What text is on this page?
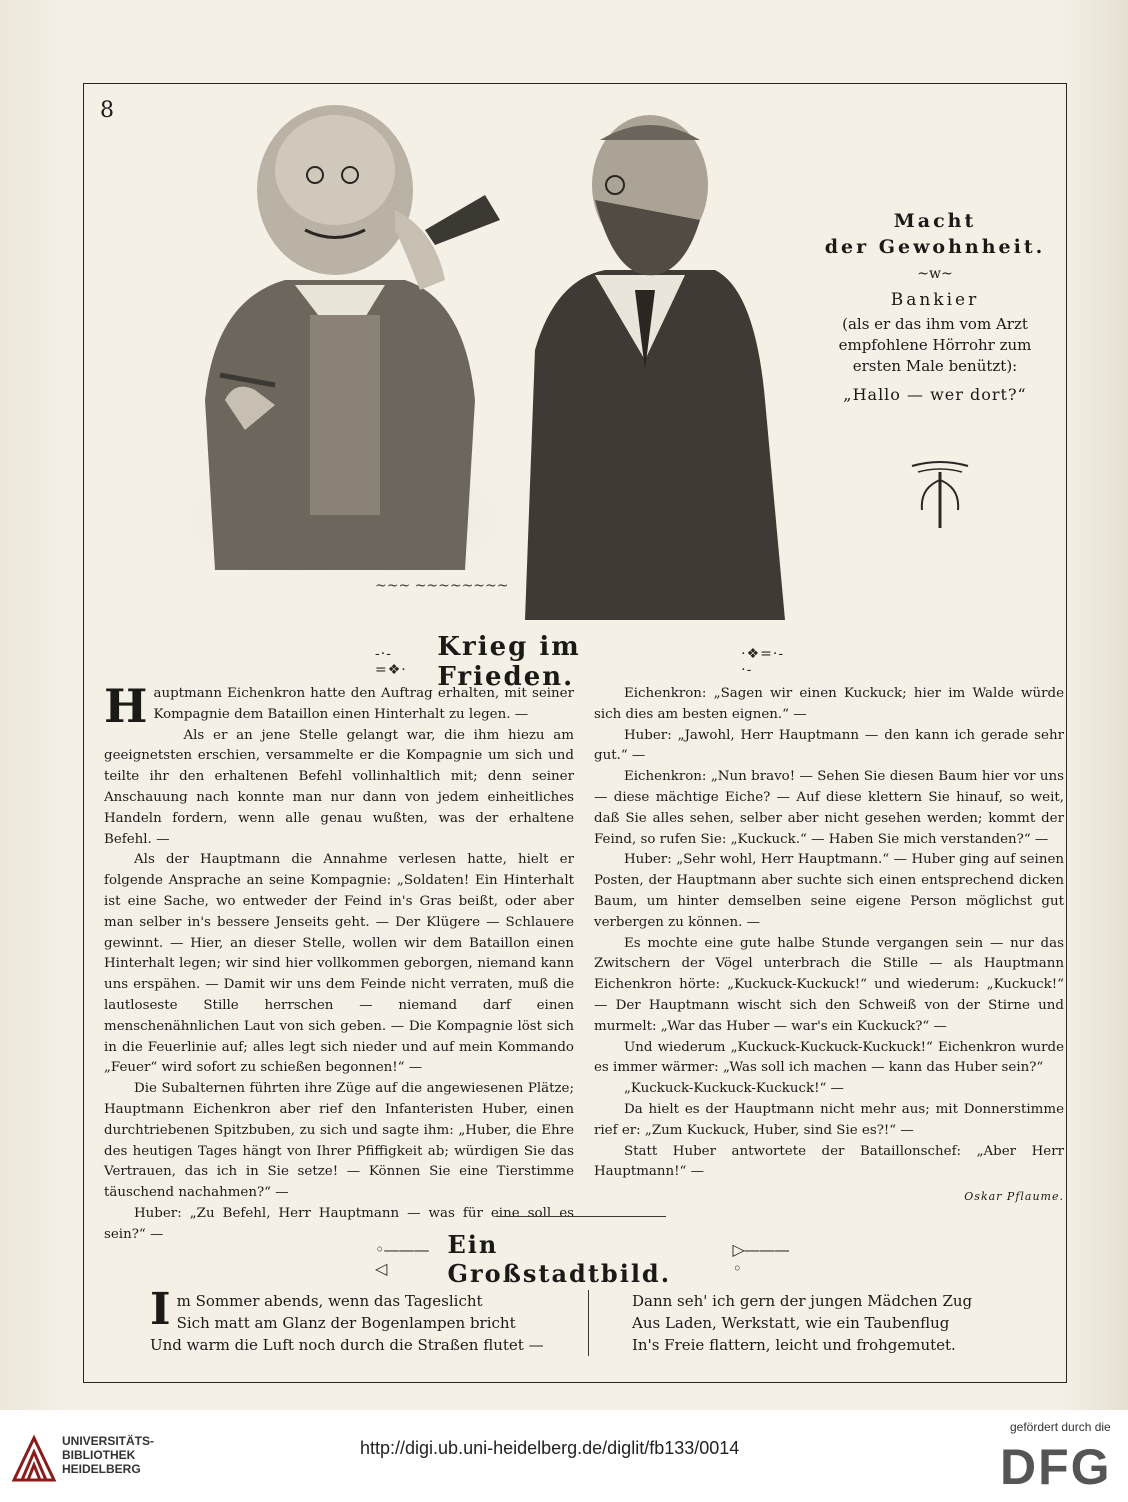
8
~~~ ~~~~~~~~
Macht
der Gewohnheit.
~w~
Bankier
(als er das ihm vom Arzt
empfohlene Hörrohr zum
ersten Male benützt):
„Hallo — wer dort?“
-·-=❖·
Krieg im Frieden.
·❖=·-·-

Hauptmann Eichenkron hatte den Auftrag erhalten, mit seiner Kompagnie dem Bataillon einen Hinterhalt zu legen. —

Als er an jene Stelle gelangt war, die ihm hiezu am geeignetsten erschien, versammelte er die Kompagnie um sich und teilte ihr den erhaltenen Befehl vollinhaltlich mit; denn seiner Anschauung nach konnte man nur dann von jedem einheitliches Handeln fordern, wenn alle genau wußten, was der erhaltene Befehl. —

Als der Hauptmann die Annahme verlesen hatte, hielt er folgende Ansprache an seine Kompagnie: „Soldaten! Ein Hinterhalt ist eine Sache, wo entweder der Feind in's Gras beißt, oder aber man selber in's bessere Jenseits geht. — Der Klügere — Schlauere gewinnt. — Hier, an dieser Stelle, wollen wir dem Bataillon einen Hinterhalt legen; wir sind hier vollkommen geborgen, niemand kann uns erspähen. — Damit wir uns dem Feinde nicht verraten, muß die lautloseste Stille herrschen — niemand darf einen menschenähnlichen Laut von sich geben. — Die Kompagnie löst sich in die Feuerlinie auf; alles legt sich nieder und auf mein Kommando „Feuer“ wird sofort zu schießen begonnen!“ —

Die Subalternen führten ihre Züge auf die angewiesenen Plätze; Hauptmann Eichenkron aber rief den Infanteristen Huber, einen durchtriebenen Spitzbuben, zu sich und sagte ihm: „Huber, die Ehre des heutigen Tages hängt von Ihrer Pfiffigkeit ab; würdigen Sie das Vertrauen, das ich in Sie setze! — Können Sie eine Tierstimme täuschend nachahmen?“ —

Huber: „Zu Befehl, Herr Hauptmann — was für eine soll es sein?“ —

Eichenkron: „Sagen wir einen Kuckuck; hier im Walde würde sich dies am besten eignen.“ —

Huber: „Jawohl, Herr Hauptmann — den kann ich gerade sehr gut.“ —

Eichenkron: „Nun bravo! — Sehen Sie diesen Baum hier vor uns — diese mächtige Eiche? — Auf diese klettern Sie hinauf, so weit, daß Sie alles sehen, selber aber nicht gesehen werden; kommt der Feind, so rufen Sie: „Kuckuck.“ — Haben Sie mich verstanden?“ —

Huber: „Sehr wohl, Herr Hauptmann.“ — Huber ging auf seinen Posten, der Hauptmann aber suchte sich einen entsprechend dicken Baum, um hinter demselben seine eigene Person möglichst gut verbergen zu können. —

Es mochte eine gute halbe Stunde vergangen sein — nur das Zwitschern der Vögel unterbrach die Stille — als Hauptmann Eichenkron hörte: „Kuckuck-Kuckuck!“ und wiederum: „Kuckuck!“ — Der Hauptmann wischt sich den Schweiß von der Stirne und murmelt: „War das Huber — war's ein Kuckuck?“ —

Und wiederum „Kuckuck-Kuckuck-Kuckuck!“ Eichenkron wurde es immer wärmer: „Was soll ich machen — kann das Huber sein?“

„Kuckuck-Kuckuck-Kuckuck!“ —

Da hielt es der Hauptmann nicht mehr aus; mit Donnerstimme rief er: „Zum Kuckuck, Huber, sind Sie es?!“ —

Statt Huber antwortete der Bataillonschef: „Aber Herr Hauptmann!“ —

Oskar Pflaume.
◦———◁
Ein Großstadtbild.
▷———◦
I m Sommer abends, wenn das Tageslicht
Sich matt am Glanz der Bogenlampen bricht
Und warm die Luft noch durch die Straßen flutet —
Dann seh' ich gern der jungen Mädchen Zug
Aus Laden, Werkstatt, wie ein Taubenflug
In's Freie flattern, leicht und frohgemutet.
UNIVERSITÄTS-
BIBLIOTHEK
HEIDELBERG
http://digi.ub.uni-heidelberg.de/diglit/fb133/0014
gefördert durch die
DFG
